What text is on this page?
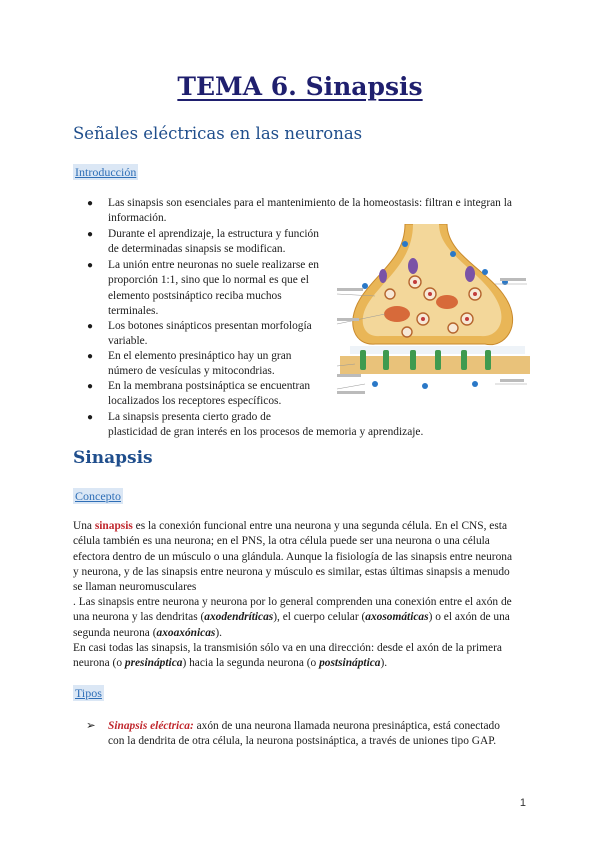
TEMA 6. Sinapsis
Señales eléctricas en las neuronas
Introducción
●	Las sinapsis son esenciales para el mantenimiento de la homeostasis: filtran e integran la
información.
●	Durante el aprendizaje, la estructura y función
de determinadas sinapsis se modifican.
●	La unión entre neuronas no suele realizarse en
proporción 1:1, sino que lo normal es que el
elemento postsináptico reciba muchos
terminales.
●	Los botones sinápticos presentan morfología
variable.
●	En el elemento presináptico hay un gran
número de vesículas y mitocondrias.
●	En la membrana postsináptica se encuentran
localizados los receptores específicos.
●	La sinapsis presenta cierto grado de
plasticidad de gran interés en los procesos de memoria y aprendizaje.
Sinapsis
Concepto
Una sinapsis es la conexión funcional entre una neurona y una segunda célula. En el CNS, esta
célula también es una neurona; en el PNS, la otra célula puede ser una neurona o una célula
efectora dentro de un músculo o una glándula. Aunque la fisiología de las sinapsis entre neurona
y neurona, y de las sinapsis entre neurona y músculo es similar, estas últimas sinapsis a menudo
se llaman neuromusculares
. Las sinapsis entre neurona y neurona por lo general comprenden una conexión entre el axón de
una neurona y las dendritas (axodendríticas), el cuerpo celular (axosomáticas) o el axón de una
segunda neurona (axoaxónicas).
En casi todas las sinapsis, la transmisión sólo va en una dirección: desde el axón de la primera
neurona (o presináptica) hacia la segunda neurona (o postsináptica).
Tipos
➢ Sinapsis eléctrica: axón de una neurona llamada neurona presináptica, está conectado
con la dendrita de otra célula, la neurona postsináptica, a través de uniones tipo GAP.
1
